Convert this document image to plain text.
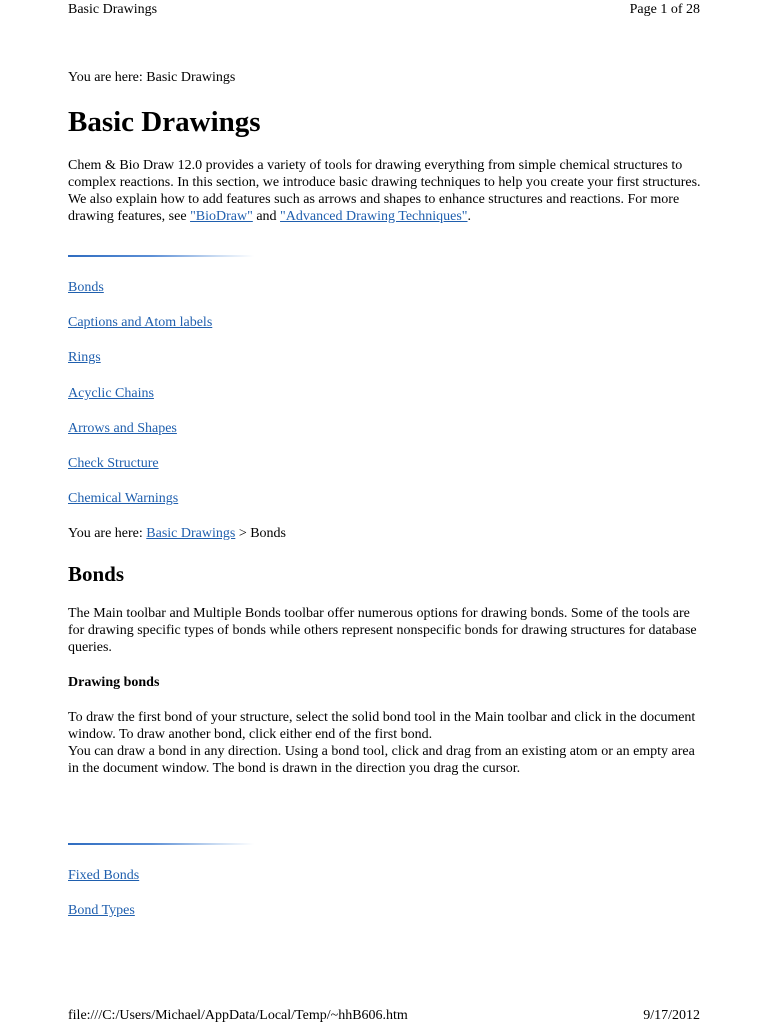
Basic Drawings	Page 1 of 28
You are here: Basic Drawings
Basic Drawings
Chem & Bio Draw 12.0 provides a variety of tools for drawing everything from simple chemical structures to complex reactions. In this section, we introduce basic drawing techniques to help you create your first structures. We also explain how to add features such as arrows and shapes to enhance structures and reactions. For more drawing features, see "BioDraw" and "Advanced Drawing Techniques".
Bonds
Captions and Atom labels
Rings
Acyclic Chains
Arrows and Shapes
Check Structure
Chemical Warnings
You are here: Basic Drawings > Bonds
Bonds
The Main toolbar and Multiple Bonds toolbar offer numerous options for drawing bonds. Some of the tools are for drawing specific types of bonds while others represent nonspecific bonds for drawing structures for database queries.
Drawing bonds
To draw the first bond of your structure, select the solid bond tool in the Main toolbar and click in the document window. To draw another bond, click either end of the first bond.
You can draw a bond in any direction. Using a bond tool, click and drag from an existing atom or an empty area in the document window. The bond is drawn in the direction you drag the cursor.
Fixed Bonds
Bond Types
file:///C:/Users/Michael/AppData/Local/Temp/~hhB606.htm	9/17/2012
